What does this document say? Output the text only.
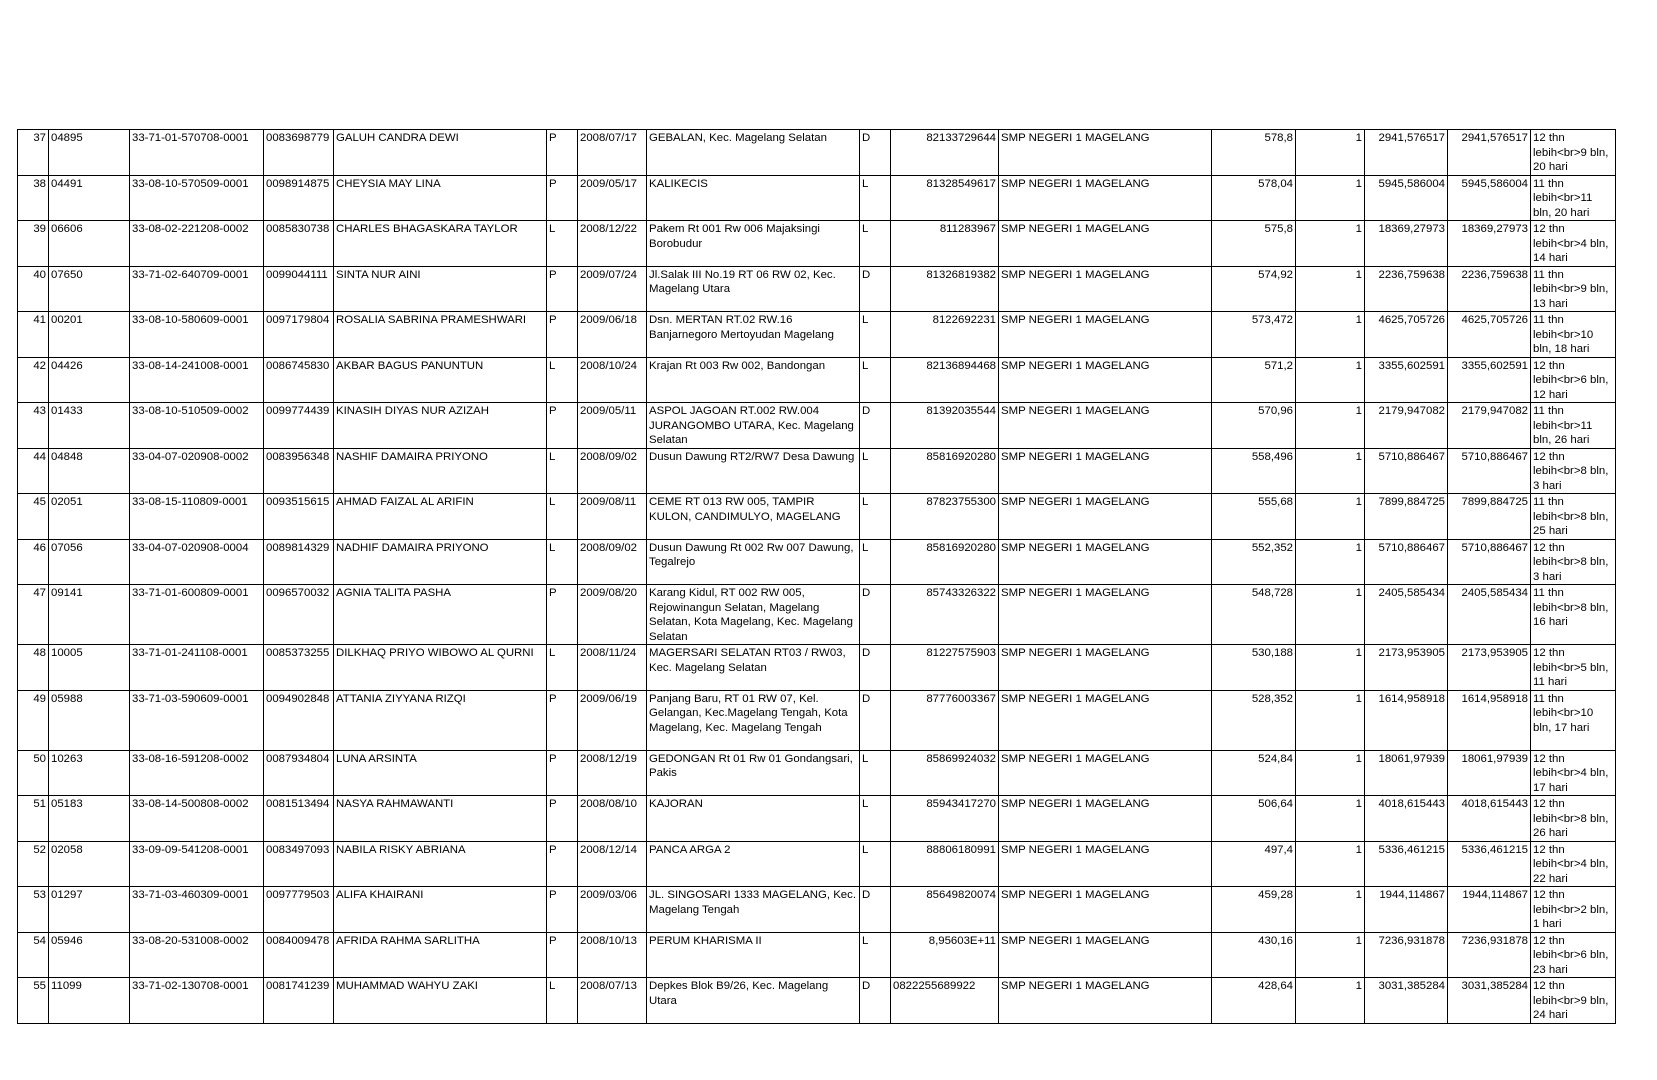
37	04895	33-71-01-570708-0001	0083698779	GALUH CANDRA DEWI	P	2008/07/17	GEBALAN, Kec. Magelang Selatan	D	82133729644	SMP NEGERI 1 MAGELANG	578,8	1	2941,576517	2941,576517	12 thn lebih<br>9 bln, 20 hari
38	04491	33-08-10-570509-0001	0098914875	CHEYSIA MAY LINA	P	2009/05/17	KALIKECIS	L	81328549617	SMP NEGERI 1 MAGELANG	578,04	1	5945,586004	5945,586004	11 thn lebih<br>11 bln, 20 hari
39	06606	33-08-02-221208-0002	0085830738	CHARLES BHAGASKARA TAYLOR	L	2008/12/22	Pakem Rt 001 Rw 006 Majaksingi Borobudur	L	811283967	SMP NEGERI 1 MAGELANG	575,8	1	18369,27973	18369,27973	12 thn lebih<br>4 bln, 14 hari
40	07650	33-71-02-640709-0001	0099044111	SINTA NUR AINI	P	2009/07/24	Jl.Salak III No.19 RT 06 RW 02, Kec. Magelang Utara	D	81326819382	SMP NEGERI 1 MAGELANG	574,92	1	2236,759638	2236,759638	11 thn lebih<br>9 bln, 13 hari
41	00201	33-08-10-580609-0001	0097179804	ROSALIA SABRINA PRAMESHWARI	P	2009/06/18	Dsn. MERTAN RT.02 RW.16 Banjarnegoro Mertoyudan Magelang	L	8122692231	SMP NEGERI 1 MAGELANG	573,472	1	4625,705726	4625,705726	11 thn lebih<br>10 bln, 18 hari
42	04426	33-08-14-241008-0001	0086745830	AKBAR BAGUS PANUNTUN	L	2008/10/24	Krajan Rt 003 Rw 002, Bandongan	L	82136894468	SMP NEGERI 1 MAGELANG	571,2	1	3355,602591	3355,602591	12 thn lebih<br>6 bln, 12 hari
43	01433	33-08-10-510509-0002	0099774439	KINASIH DIYAS NUR AZIZAH	P	2009/05/11	ASPOL JAGOAN RT.002 RW.004 JURANGOMBO UTARA, Kec. Magelang Selatan	D	81392035544	SMP NEGERI 1 MAGELANG	570,96	1	2179,947082	2179,947082	11 thn lebih<br>11 bln, 26 hari
44	04848	33-04-07-020908-0002	0083956348	NASHIF DAMAIRA PRIYONO	L	2008/09/02	Dusun Dawung RT2/RW7 Desa Dawung	L	85816920280	SMP NEGERI 1 MAGELANG	558,496	1	5710,886467	5710,886467	12 thn lebih<br>8 bln, 3 hari
45	02051	33-08-15-110809-0001	0093515615	AHMAD FAIZAL AL ARIFIN	L	2009/08/11	CEME RT 013 RW 005, TAMPIR KULON, CANDIMULYO, MAGELANG	L	87823755300	SMP NEGERI 1 MAGELANG	555,68	1	7899,884725	7899,884725	11 thn lebih<br>8 bln, 25 hari
46	07056	33-04-07-020908-0004	0089814329	NADHIF DAMAIRA PRIYONO	L	2008/09/02	Dusun Dawung Rt 002 Rw 007 Dawung, Tegalrejo	L	85816920280	SMP NEGERI 1 MAGELANG	552,352	1	5710,886467	5710,886467	12 thn lebih<br>8 bln, 3 hari
47	09141	33-71-01-600809-0001	0096570032	AGNIA TALITA PASHA	P	2009/08/20	Karang Kidul, RT 002 RW 005, Rejowinangun Selatan, Magelang Selatan, Kota Magelang, Kec. Magelang Selatan	D	85743326322	SMP NEGERI 1 MAGELANG	548,728	1	2405,585434	2405,585434	11 thn lebih<br>8 bln, 16 hari
48	10005	33-71-01-241108-0001	0085373255	DILKHAQ PRIYO WIBOWO AL QURNI	L	2008/11/24	MAGERSARI SELATAN RT03 / RW03, Kec. Magelang Selatan	D	81227575903	SMP NEGERI 1 MAGELANG	530,188	1	2173,953905	2173,953905	12 thn lebih<br>5 bln, 11 hari
49	05988	33-71-03-590609-0001	0094902848	ATTANIA ZIYYANA RIZQI	P	2009/06/19	Panjang Baru, RT 01 RW 07, Kel. Gelangan, Kec.Magelang Tengah, Kota Magelang, Kec. Magelang Tengah	D	87776003367	SMP NEGERI 1 MAGELANG	528,352	1	1614,958918	1614,958918	11 thn lebih<br>10 bln, 17 hari
50	10263	33-08-16-591208-0002	0087934804	LUNA ARSINTA	P	2008/12/19	GEDONGAN Rt 01 Rw 01 Gondangsari, Pakis	L	85869924032	SMP NEGERI 1 MAGELANG	524,84	1	18061,97939	18061,97939	12 thn lebih<br>4 bln, 17 hari
51	05183	33-08-14-500808-0002	0081513494	NASYA RAHMAWANTI	P	2008/08/10	KAJORAN	L	85943417270	SMP NEGERI 1 MAGELANG	506,64	1	4018,615443	4018,615443	12 thn lebih<br>8 bln, 26 hari
52	02058	33-09-09-541208-0001	0083497093	NABILA RISKY ABRIANA	P	2008/12/14	PANCA ARGA 2	L	88806180991	SMP NEGERI 1 MAGELANG	497,4	1	5336,461215	5336,461215	12 thn lebih<br>4 bln, 22 hari
53	01297	33-71-03-460309-0001	0097779503	ALIFA KHAIRANI	P	2009/03/06	JL. SINGOSARI 1333 MAGELANG, Kec. Magelang Tengah	D	85649820074	SMP NEGERI 1 MAGELANG	459,28	1	1944,114867	1944,114867	12 thn lebih<br>2 bln, 1 hari
54	05946	33-08-20-531008-0002	0084009478	AFRIDA RAHMA SARLITHA	P	2008/10/13	PERUM KHARISMA II	L	8,95603E+11	SMP NEGERI 1 MAGELANG	430,16	1	7236,931878	7236,931878	12 thn lebih<br>6 bln, 23 hari
55	11099	33-71-02-130708-0001	0081741239	MUHAMMAD WAHYU ZAKI	L	2008/07/13	Depkes Blok B9/26, Kec. Magelang Utara	D	0822255689922	SMP NEGERI 1 MAGELANG	428,64	1	3031,385284	3031,385284	12 thn lebih<br>9 bln, 24 hari
